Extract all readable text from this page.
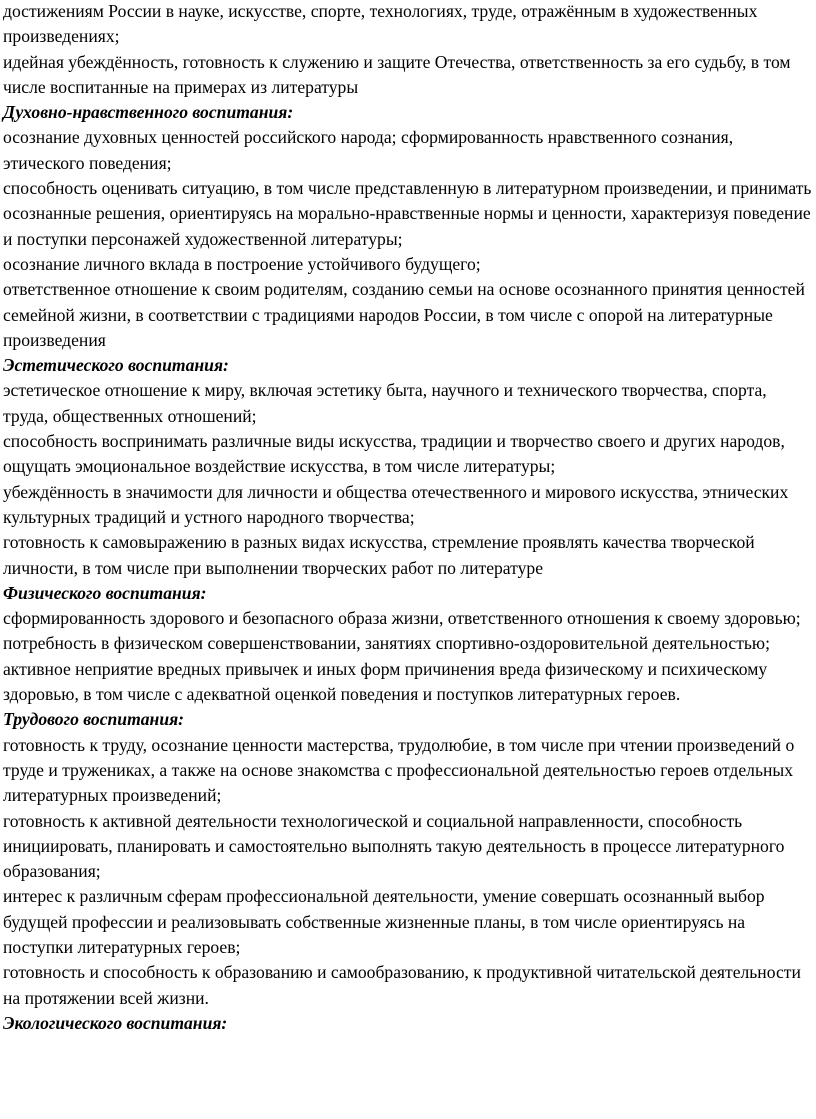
достижениям России в науке, искусстве, спорте, технологиях, труде, отражённым в художественных произведениях;

идейная убеждённость, готовность к служению и защите Отечества, ответственность за его судьбу, в том числе воспитанные на примерах из литературы

Духовно-нравственного воспитания:

осознание духовных ценностей российского народа; сформированность нравственного сознания, этического поведения;

способность оценивать ситуацию, в том числе представленную в литературном произведении, и принимать осознанные решения, ориентируясь на морально-нравственные нормы и ценности, характеризуя поведение и поступки персонажей художественной литературы;

осознание личного вклада в построение устойчивого будущего;

ответственное отношение к своим родителям, созданию семьи на основе осознанного принятия ценностей семейной жизни, в соответствии с традициями народов России, в том числе с опорой на литературные произведения

Эстетического воспитания:

эстетическое отношение к миру, включая эстетику быта, научного и технического творчества, спорта, труда, общественных отношений;

способность воспринимать различные виды искусства, традиции и творчество своего и других народов, ощущать эмоциональное воздействие искусства, в том числе литературы;

убеждённость в значимости для личности и общества отечественного и мирового искусства, этнических культурных традиций и устного народного творчества;

готовность к самовыражению в разных видах искусства, стремление проявлять качества творческой личности, в том числе при выполнении творческих работ по литературе

Физического воспитания:

сформированность здорового и безопасного образа жизни, ответственного отношения к своему здоровью;

потребность в физическом совершенствовании, занятиях спортивно-оздоровительной деятельностью;

активное неприятие вредных привычек и иных форм причинения вреда физическому и психическому здоровью, в том числе с адекватной оценкой поведения и поступков литературных героев.

Трудового воспитания:

готовность к труду, осознание ценности мастерства, трудолюбие, в том числе при чтении произведений о труде и тружениках, а также на основе знакомства с профессиональной деятельностью героев отдельных литературных произведений;

готовность к активной деятельности технологической и социальной направленности, способность инициировать, планировать и самостоятельно выполнять такую деятельность в процессе литературного образования;

интерес к различным сферам профессиональной деятельности, умение совершать осознанный выбор будущей профессии и реализовывать собственные жизненные планы, в том числе ориентируясь на поступки литературных героев;

готовность и способность к образованию и самообразованию, к продуктивной читательской деятельности на протяжении всей жизни.

Экологического воспитания:
